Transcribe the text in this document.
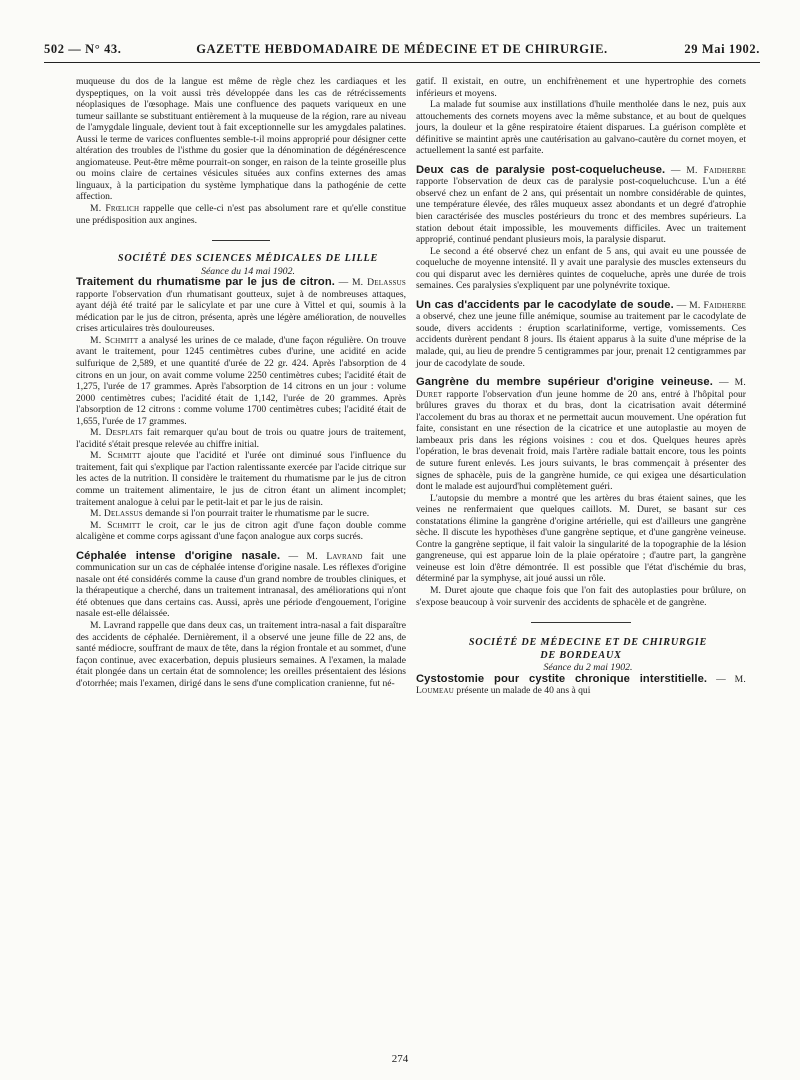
502 — N° 43.	GAZETTE HEBDOMADAIRE DE MÉDECINE ET DE CHIRURGIE.	29 Mai 1902.

muqueuse du dos de la langue est même de règle chez les cardiaques et les dyspeptiques, on la voit aussi très développée dans les cas de rétrécissements néoplasiques de l'œsophage. Mais une confluence des paquets variqueux en une tumeur saillante se substituant entièrement à la muqueuse de la région, rare au niveau de l'amygdale linguale, devient tout à fait exceptionnelle sur les amygdales palatines. Aussi le terme de varices confluentes semble-t-il moins approprié pour désigner cette altération des troubles de l'isthme du gosier que la dénomination de dégénérescence angiomateuse. Peut-être même pourrait-on songer, en raison de la teinte groseille plus ou moins claire de certaines vésicules situées aux confins externes des amas linguaux, à la participation du système lymphatique dans la pathogénie de cette affection.

M. Frœlich rappelle que celle-ci n'est pas absolument rare et qu'elle constitue une prédisposition aux angines.

SOCIÉTÉ DES SCIENCES MÉDICALES DE LILLE

Séance du 14 mai 1902.

Traitement du rhumatisme par le jus de citron. — M. Delassus rapporte l'observation d'un rhumatisant goutteux, sujet à de nombreuses attaques, ayant déjà été traité par le salicylate et par une cure à Vittel et qui, soumis à la médication par le jus de citron, présenta, après une légère amélioration, de nouvelles crises articulaires très douloureuses.

M. Schmitt a analysé les urines de ce malade, d'une façon régulière. On trouve avant le traitement, pour 1245 centimètres cubes d'urine, une acidité en acide sulfurique de 2,589, et une quantité d'urée de 22 gr. 424. Après l'absorption de 4 citrons en un jour, on avait comme volume 2250 centimètres cubes; l'acidité était de 1,275, l'urée de 17 grammes. Après l'absorption de 14 citrons en un jour : volume 2000 centimètres cubes; l'acidité était de 1,142, l'urée de 20 grammes. Après l'absorption de 12 citrons : comme volume 1700 centimètres cubes; l'acidité était de 1,655, l'urée de 17 grammes.

M. Desplats fait remarquer qu'au bout de trois ou quatre jours de traitement, l'acidité s'était presque relevée au chiffre initial.

M. Schmitt ajoute que l'acidité et l'urée ont diminué sous l'influence du traitement, fait qui s'explique par l'action ralentissante exercée par l'acide citrique sur les actes de la nutrition. Il considère le traitement du rhumatisme par le jus de citron comme un traitement alimentaire, le jus de citron étant un aliment incomplet; traitement analogue à celui par le petit-lait et par le jus de raisin.

M. Delassus demande si l'on pourrait traiter le rhumatisme par le sucre.

M. Schmitt le croit, car le jus de citron agit d'une façon double comme alcaligène et comme corps agissant d'une façon analogue aux corps sucrés.

Céphalée intense d'origine nasale. — M. Lavrand fait une communication sur un cas de céphalée intense d'origine nasale. Les réflexes d'origine nasale ont été considérés comme la cause d'un grand nombre de troubles cliniques, et la thérapeutique a cherché, dans un traitement intranasal, des améliorations qui n'ont été obtenues que dans certains cas. Aussi, après une période d'engouement, l'origine nasale est-elle délaissée.

M. Lavrand rappelle que dans deux cas, un traitement intra-nasal a fait disparaître des accidents de céphalée. Dernièrement, il a observé une jeune fille de 22 ans, de santé médiocre, souffrant de maux de tête, dans la région frontale et au sommet, d'une façon continue, avec exacerbation, depuis plusieurs semaines. A l'examen, la malade était plongée dans un certain état de somnolence; les oreilles présentaient des lésions d'otorrhée; mais l'examen, dirigé dans le sens d'une complication cranienne, fut né-

gatif. Il existait, en outre, un enchifrènement et une hypertrophie des cornets inférieurs et moyens.

La malade fut soumise aux instillations d'huile mentholée dans le nez, puis aux attouchements des cornets moyens avec la même substance, et au bout de quelques jours, la douleur et la gêne respiratoire étaient disparues. La guérison complète et définitive se maintint après une cautérisation au galvano-cautère du cornet moyen, et actuellement la santé est parfaite.

Deux cas de paralysie post-coquelucheuse. — M. Faidherbe rapporte l'observation de deux cas de paralysie post-coqueluchcuse. L'un a été observé chez un enfant de 2 ans, qui présentait un nombre considérable de quintes, une température élevée, des râles muqueux assez abondants et un degré d'atrophie bien caractérisée des muscles postérieurs du tronc et des membres supérieurs. La station debout était impossible, les mouvements difficiles. Avec un traitement approprié, continué pendant plusieurs mois, la paralysie disparut.

Le second a été observé chez un enfant de 5 ans, qui avait eu une poussée de coqueluche de moyenne intensité. Il y avait une paralysie des muscles extenseurs du cou qui disparut avec les dernières quintes de coqueluche, après une durée de trois semaines. Ces paralysies s'expliquent par une polynévrite toxique.

Un cas d'accidents par le cacodylate de soude. — M. Faidherbe a observé, chez une jeune fille anémique, soumise au traitement par le cacodylate de soude, divers accidents : éruption scarlatiniforme, vertige, vomissements. Ces accidents durèrent pendant 8 jours. Ils étaient apparus à la suite d'une méprise de la malade, qui, au lieu de prendre 5 centigrammes par jour, prenait 12 centigrammes par jour de cacodylate de soude.

Gangrène du membre supérieur d'origine veineuse. — M. Duret rapporte l'observation d'un jeune homme de 20 ans, entré à l'hôpital pour brûlures graves du thorax et du bras, dont la cicatrisation avait déterminé l'accolement du bras au thorax et ne permettait aucun mouvement. Une opération fut faite, consistant en une résection de la cicatrice et une autoplastie au moyen de lambeaux pris dans les régions voisines : cou et dos. Quelques heures après l'opération, le bras devenait froid, mais l'artère radiale battait encore, tous les points de suture furent enlevés. Les jours suivants, le bras commençait à présenter des signes de sphacèle, puis de la gangrène humide, ce qui exigea une désarticulation dont le malade est aujourd'hui complètement guéri.

L'autopsie du membre a montré que les artères du bras étaient saines, que les veines ne renfermaient que quelques caillots. M. Duret, se basant sur ces constatations élimine la gangrène d'origine artérielle, qui est d'ailleurs une gangrène sèche. Il discute les hypothèses d'une gangrène septique, et d'une gangrène veineuse. Contre la gangrène septique, il fait valoir la singularité de la topographie de la lésion gangreneuse, qui est apparue loin de la plaie opératoire ; d'autre part, la gangrène veineuse est loin d'être démontrée. Il est possible que l'état d'ischémie du bras, déterminé par la symphyse, ait joué aussi un rôle.

M. Duret ajoute que chaque fois que l'on fait des autoplasties pour brûlure, on s'expose beaucoup à voir survenir des accidents de sphacèle et de gangrène.

SOCIÉTÉ DE MÉDECINE ET DE CHIRURGIE
DE BORDEAUX

Séance du 2 mai 1902.

Cystostomie pour cystite chronique interstitielle. — M. Loumeau présente un malade de 40 ans à qui

274
